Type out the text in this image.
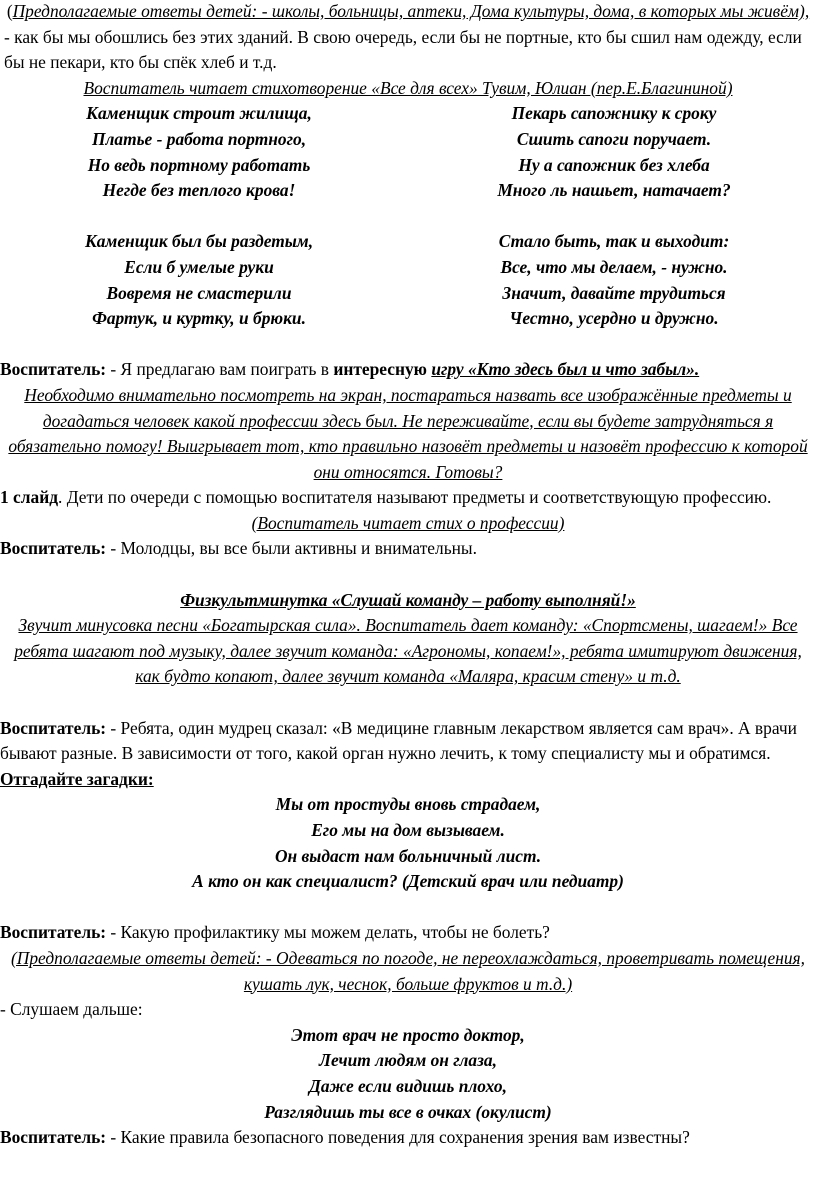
(Предполагаемые ответы детей: - школы, больницы, аптеки, Дома культуры, дома, в которых мы живём),

- как бы мы обошлись без этих зданий. В свою очередь, если бы не портные, кто бы сшил нам одежду, если бы не пекари, кто бы спёк хлеб и т.д.

Воспитатель читает стихотворение «Все для всех» Тувим, Юлиан (пер.Е.Благининой)

Каменщик строит жилища,
Платье - работа портного,
Но ведь портному работать
Негде без теплого крова!
Каменщик был бы раздетым,
Если б умелые руки
Вовремя не смастерили
Фартук, и куртку, и брюки.
Пекарь сапожнику к сроку
Сшить сапоги поручает.
Ну а сапожник без хлеба
Много ль нашьет, натачает?
Стало быть, так и выходит:
Все, что мы делаем, - нужно.
Значит, давайте трудиться
Честно, усердно и дружно.

Воспитатель: - Я предлагаю вам поиграть в интересную игру «Кто здесь был и что забыл».

Необходимо внимательно посмотреть на экран, постараться назвать все изображённые предметы и догадаться человек какой профессии здесь был. Не переживайте, если вы будете затрудняться я обязательно помогу! Выигрывает тот, кто правильно назовёт предметы и назовёт профессию к которой они относятся. Готовы?

1 слайд. Дети по очереди с помощью воспитателя называют предметы и соответствующую профессию.

(Воспитатель читает стих о профессии)

Воспитатель: - Молодцы, вы все были активны и внимательны.

Физкультминутка «Слушай команду – работу выполняй!»

Звучит минусовка песни «Богатырская сила». Воспитатель дает команду: «Спортсмены, шагаем!» Все ребята шагают под музыку, далее звучит команда: «Агрономы, копаем!», ребята имитируют движения, как будто копают, далее звучит команда «Маляра, красим стену» и т.д.

Воспитатель: - Ребята, один мудрец сказал: «В медицине главным лекарством является сам врач». А врачи бывают разные. В зависимости от того, какой орган нужно лечить, к тому специалисту мы и обратимся. Отгадайте загадки:

Мы от простуды вновь страдаем,
Его мы на дом вызываем.
Он выдаст нам больничный лист.
А кто он как специалист? (Детский врач или педиатр)

Воспитатель: - Какую профилактику мы можем делать, чтобы не болеть?

(Предполагаемые ответы детей: - Одеваться по погоде, не переохлаждаться, проветривать помещения, кушать лук, чеснок, больше фруктов и т.д.)

- Слушаем дальше:

Этот врач не просто доктор,
Лечит людям он глаза,
Даже если видишь плохо,
Разглядишь ты все в очках (окулист)

Воспитатель: - Какие правила безопасного поведения для сохранения зрения вам известны?
